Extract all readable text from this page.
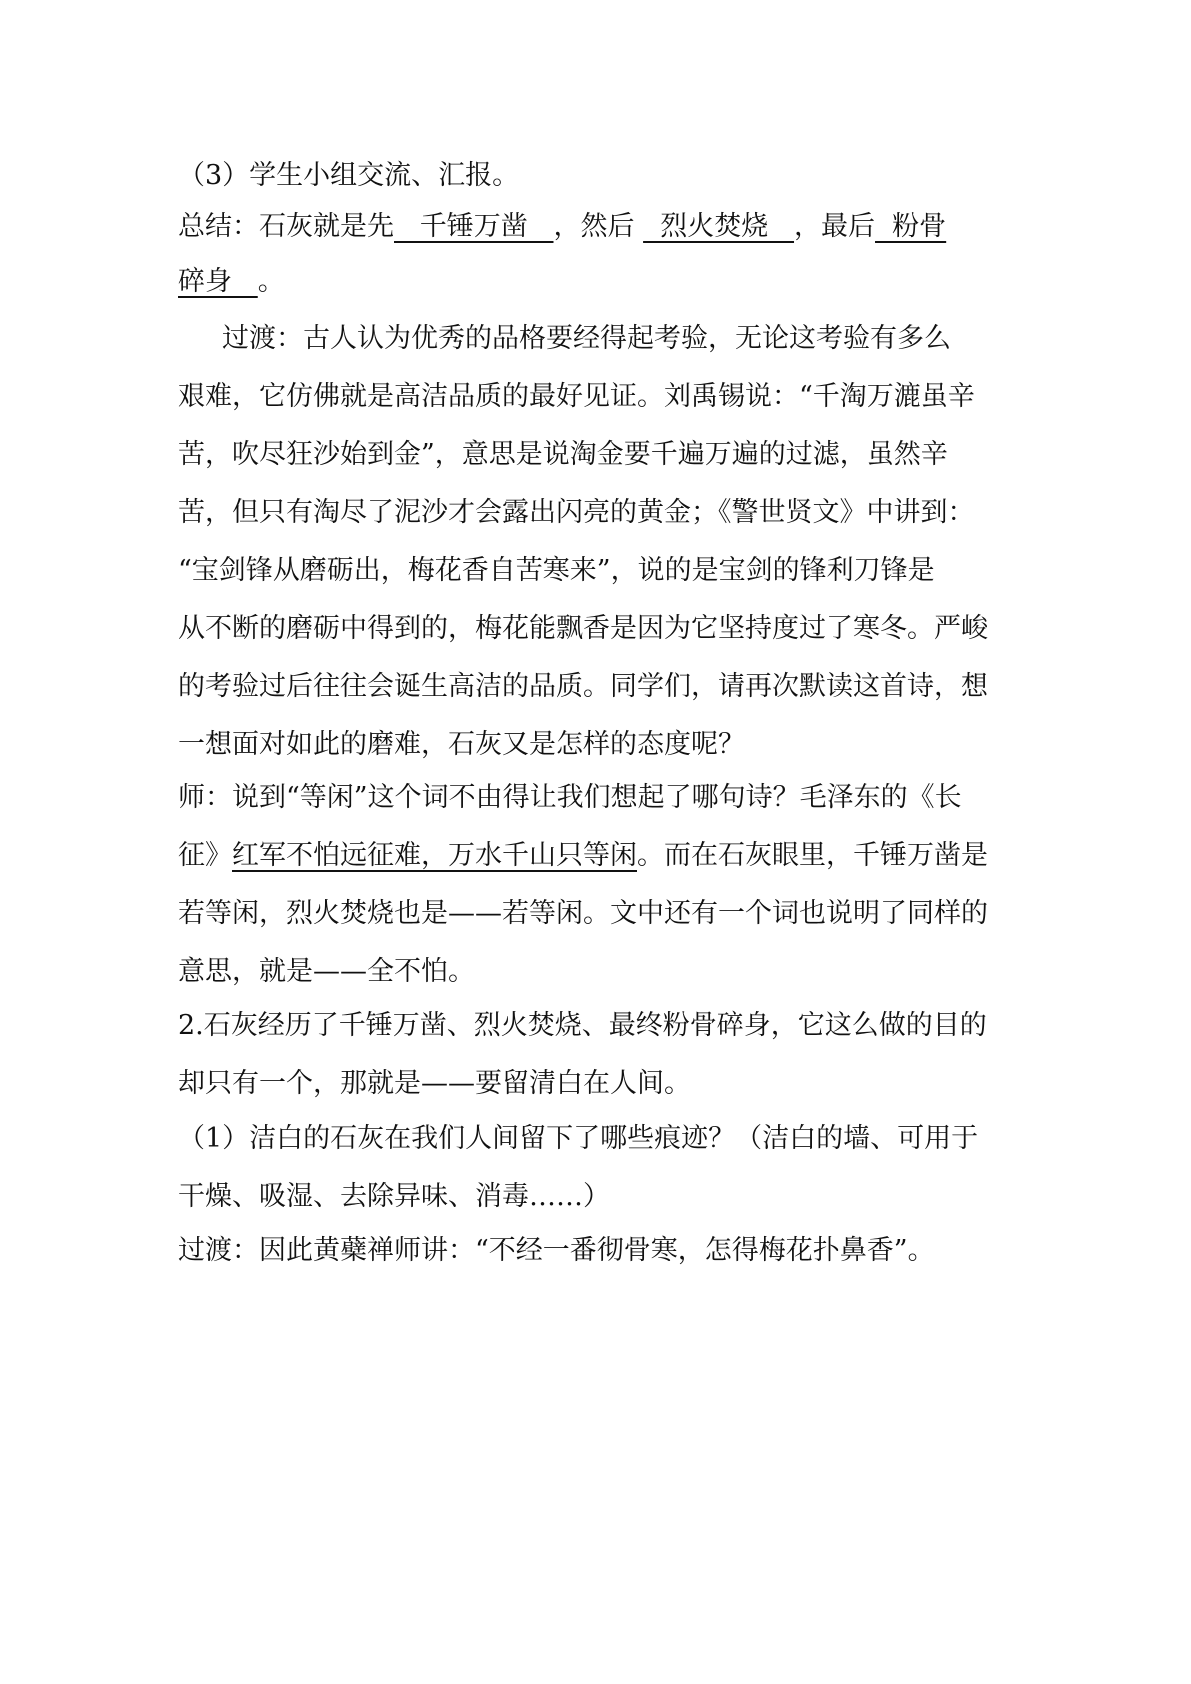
（3）学生小组交流、汇报。
总结：石灰就是先   千锤万凿   ，然后   烈火焚烧   ，最后  粉骨
碎身   。
过渡：古人认为优秀的品格要经得起考验，无论这考验有多么
艰难，它仿佛就是高洁品质的最好见证。刘禹锡说：“千淘万漉虽辛
苦，吹尽狂沙始到金”，意思是说淘金要千遍万遍的过滤，虽然辛
苦，但只有淘尽了泥沙才会露出闪亮的黄金；《警世贤文》中讲到：
“宝剑锋从磨砺出，梅花香自苦寒来”，说的是宝剑的锋利刀锋是
从不断的磨砺中得到的，梅花能飘香是因为它坚持度过了寒冬。严峻
的考验过后往往会诞生高洁的品质。同学们，请再次默读这首诗，想
一想面对如此的磨难，石灰又是怎样的态度呢？
师：说到“等闲”这个词不由得让我们想起了哪句诗？毛泽东的《长
征》红军不怕远征难，万水千山只等闲。而在石灰眼里，千锤万凿是
若等闲，烈火焚烧也是——若等闲。文中还有一个词也说明了同样的
意思，就是——全不怕。
2.石灰经历了千锤万凿、烈火焚烧、最终粉骨碎身，它这么做的目的
却只有一个，那就是——要留清白在人间。
（1）洁白的石灰在我们人间留下了哪些痕迹？（洁白的墙、可用于
干燥、吸湿、去除异味、消毒……）
过渡：因此黄蘗禅师讲：“不经一番彻骨寒，怎得梅花扑鼻香”。
